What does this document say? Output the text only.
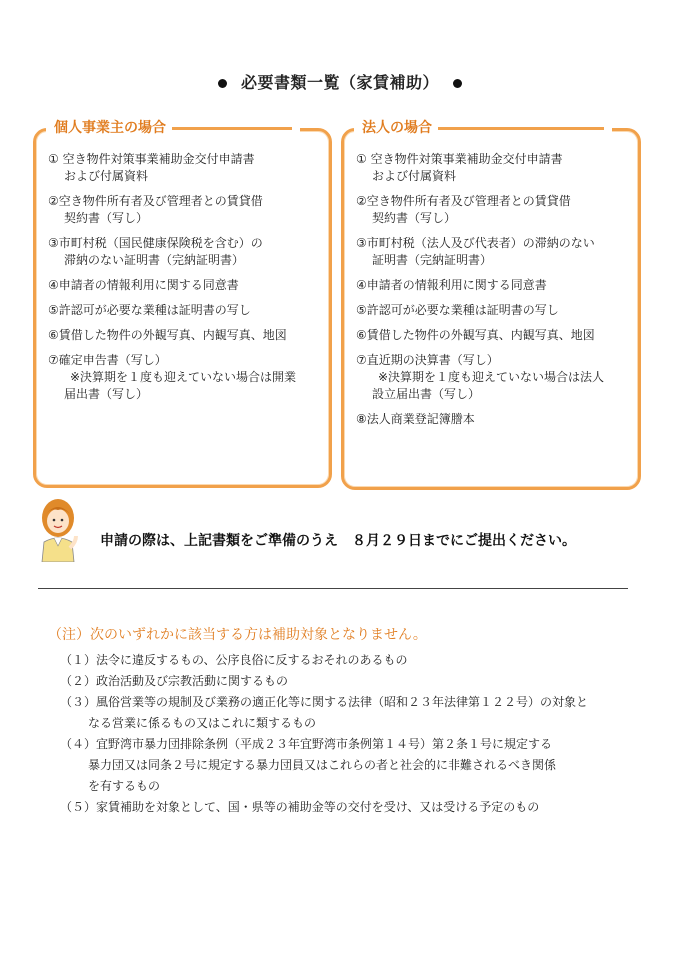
必要書類一覧（家賃補助）
個人事業主の場合
① 空き物件対策事業補助金交付申請書
および付属資料
②空き物件所有者及び管理者との賃貸借
契約書（写し）
③市町村税（国民健康保険税を含む）の
滞納のない証明書（完納証明書）
④申請者の情報利用に関する同意書
⑤許認可が必要な業種は証明書の写し
⑥賃借した物件の外観写真、内観写真、地図
⑦確定申告書（写し）
※決算期を１度も迎えていない場合は開業
届出書（写し）
法人の場合
① 空き物件対策事業補助金交付申請書
および付属資料
②空き物件所有者及び管理者との賃貸借
契約書（写し）
③市町村税（法人及び代表者）の滞納のない
証明書（完納証明書）
④申請者の情報利用に関する同意書
⑤許認可が必要な業種は証明書の写し
⑥賃借した物件の外観写真、内観写真、地図
⑦直近期の決算書（写し）
※決算期を１度も迎えていない場合は法人
設立届出書（写し）
⑧法人商業登記簿謄本
申請の際は、上記書類をご準備のうえ　８月２９日までにご提出ください。
（注）次のいずれかに該当する方は補助対象となりません。
（１）法令に違反するもの、公序良俗に反するおそれのあるもの
（２）政治活動及び宗教活動に関するもの
（３）風俗営業等の規制及び業務の適正化等に関する法律（昭和２３年法律第１２２号）の対象と
なる営業に係るもの又はこれに類するもの
（４）宜野湾市暴力団排除条例（平成２３年宜野湾市条例第１４号）第２条１号に規定する
暴力団又は同条２号に規定する暴力団員又はこれらの者と社会的に非難されるべき関係
を有するもの
（５）家賃補助を対象として、国・県等の補助金等の交付を受け、又は受ける予定のもの
